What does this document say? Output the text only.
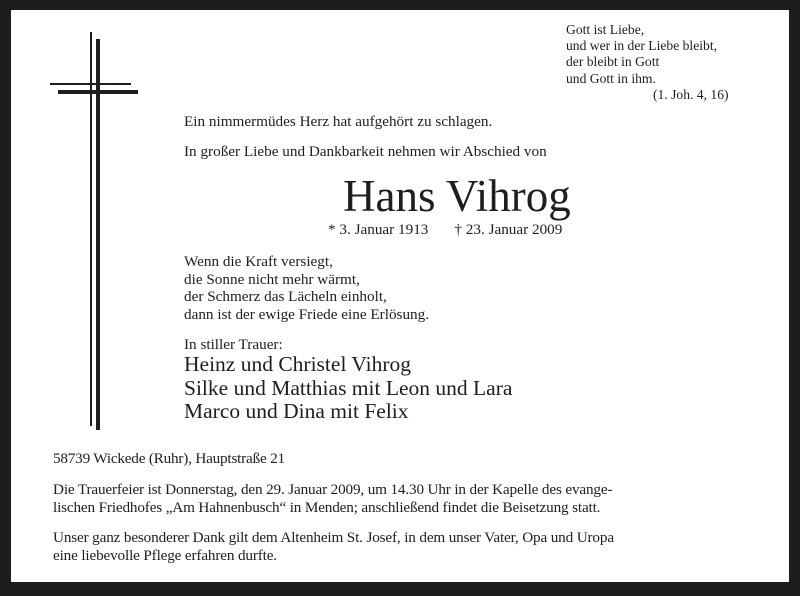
Gott ist Liebe,
und wer in der Liebe bleibt,
der bleibt in Gott
und Gott in ihm.
(1. Joh. 4, 16)
Ein nimmermüdes Herz hat aufgehört zu schlagen.
In großer Liebe und Dankbarkeit nehmen wir Abschied von
Hans Vihrog
* 3. Januar 1913 † 23. Januar 2009
Wenn die Kraft versiegt,
die Sonne nicht mehr wärmt,
der Schmerz das Lächeln einholt,
dann ist der ewige Friede eine Erlösung.
In stiller Trauer:
Heinz und Christel Vihrog
Silke und Matthias mit Leon und Lara
Marco und Dina mit Felix
58739 Wickede (Ruhr), Hauptstraße 21
Die Trauerfeier ist Donnerstag, den 29. Januar 2009, um 14.30 Uhr in der Kapelle des evange-
lischen Friedhofes „Am Hahnenbusch“ in Menden; anschließend findet die Beisetzung statt.
Unser ganz besonderer Dank gilt dem Altenheim St. Josef, in dem unser Vater, Opa und Uropa
eine liebevolle Pflege erfahren durfte.
